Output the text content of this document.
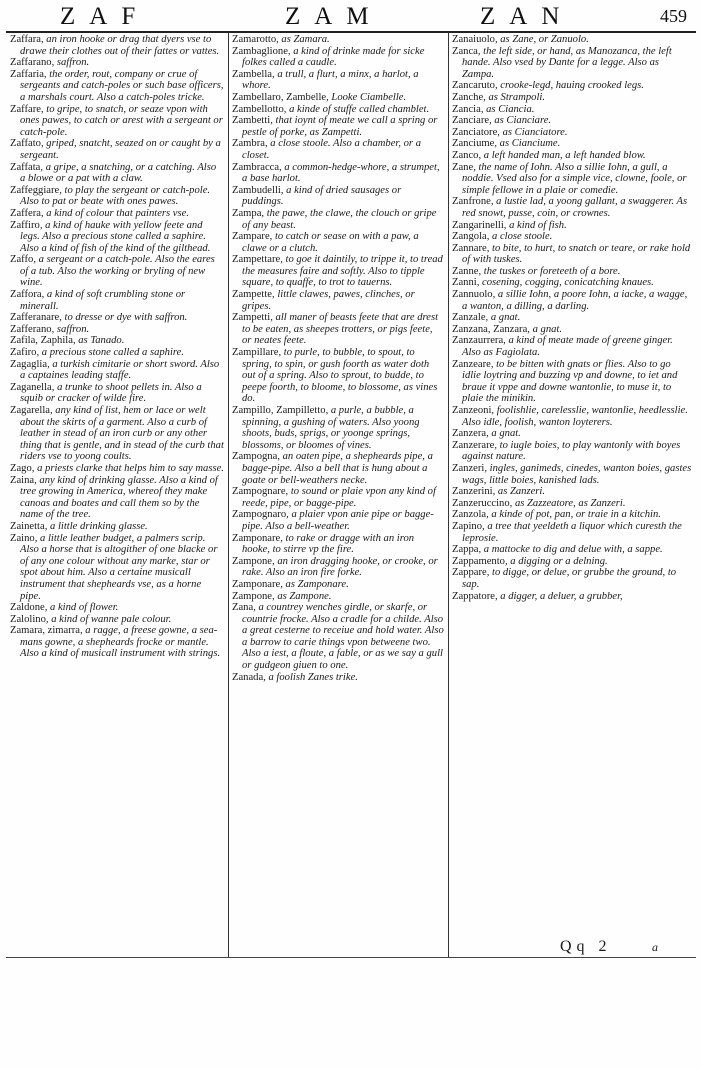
ZAF	ZAM	ZAN	459

Zaffara, an iron hooke or drag that dyers vse to drawe their clothes out of their fattes or vattes.

Zaffarano, saffron.

Zaffarìa, the order, rout, company or crue of sergeants and catch-poles or such base officers, a marshals court. Also a catch-poles tricke.

Zaffare, to gripe, to snatch, or seaze vpon with ones pawes, to catch or arest with a sergeant or catch-pole.

Zaffato, griped, snatcht, seazed on or caught by a sergeant.

Zaffata, a gripe, a snatching, or a catching. Also a blowe or a pat with a claw.

Zaffeggiare, to play the sergeant or catch-pole. Also to pat or beate with ones pawes.

Zaffera, a kind of colour that painters vse.

Zaffiro, a kind of hauke with yellow feete and legs. Also a precious stone called a saphire. Also a kind of fish of the kind of the gilthead.

Zaffo, a sergeant or a catch-pole. Also the eares of a tub. Also the working or bryling of new wine.

Zaffora, a kind of soft crumbling stone or minerall.

Zafferanare, to dresse or dye with saffron.

Zafferano, saffron.

Zafila, Zaphila, as Tanado.

Zafiro, a precious stone called a saphire.

Zagaglia, a turkish cimitarie or short sword. Also a captaines leading staffe.

Zaganella, a trunke to shoot pellets in. Also a squib or cracker of wilde fire.

Zagarella, any kind of list, hem or lace or welt about the skirts of a garment. Also a curb of leather in stead of an iron curb or any other thing that is gentle, and in stead of the curb that riders vse to yoong coults.

Zago, a priests clarke that helps him to say masse.

Zaina, any kind of drinking glasse. Also a kind of tree growing in America, whereof they make canoas and boates and call them so by the name of the tree.

Zainetta, a little drinking glasse.

Zaino, a little leather budget, a palmers scrip. Also a horse that is altogither of one blacke or of any one colour without any marke, star or spot about him. Also a certaine musicall instrument that shepheards vse, as a horne pipe.

Zaldone, a kind of flower.

Zalolino, a kind of wanne pale colour.

Zamara, zimarra, a ragge, a freese gowne, a sea-mans gowne, a shepheards frocke or mantle. Also a kind of musicall instrument with strings.

Zamarotto, as Zamara.

Zambaglione, a kind of drinke made for sicke folkes called a caudle.

Zambella, a trull, a flurt, a minx, a harlot, a whore.

Zambellaro, Zambelle, Looke Ciambelle.

Zambellotto, a kinde of stuffe called chamblet.

Zambetti, that ioynt of meate we call a spring or pestle of porke, as Zampetti.

Zambra, a close stoole. Also a chamber, or a closet.

Zambracca, a common-hedge-whore, a strumpet, a base harlot.

Zambudelli, a kind of dried sausages or puddings.

Zampa, the pawe, the clawe, the clouch or gripe of any beast.

Zampare, to catch or sease on with a paw, a clawe or a clutch.

Zampettare, to goe it daintily, to trippe it, to tread the measures faire and softly. Also to tipple square, to quaffe, to trot to tauerns.

Zampette, little clawes, pawes, clinches, or gripes.

Zampetti, all maner of beasts feete that are drest to be eaten, as sheepes trotters, or pigs feete, or neates feete.

Zampillare, to purle, to bubble, to spout, to spring, to spin, or gush foorth as water doth out of a spring. Also to sprout, to budde, to peepe foorth, to bloome, to blossome, as vines do.

Zampillo, Zampilletto, a purle, a bubble, a spinning, a gushing of waters. Also yoong shoots, buds, sprigs, or yoonge springs, blossoms, or bloomes of vines.

Zampogna, an oaten pipe, a shepheards pipe, a bagge-pipe. Also a bell that is hung about a goate or bell-weathers necke.

Zampognare, to sound or plaie vpon any kind of reede, pipe, or bagge-pipe.

Zampognaro, a plaier vpon anie pipe or bagge-pipe. Also a bell-weather.

Zamponare, to rake or dragge with an iron hooke, to stirre vp the fire.

Zampone, an iron dragging hooke, or crooke, or rake. Also an iron fire forke.

Zamponare, as Zamponare.

Zampone, as Zampone.

Zana, a countrey wenches girdle, or skarfe, or countrie frocke. Also a cradle for a childe. Also a great cesterne to receiue and hold water. Also a barrow to carie things vpon betweene two. Also a iest, a floute, a fable, or as we say a gull or gudgeon giuen to one.

Zanada, a foolish Zanes trike.

Zanaiuolo, as Zane, or Zanuolo.

Zanca, the left side, or hand, as Manozanca, the left hande. Also vsed by Dante for a legge. Also as Zampa.

Zancaruto, crooke-legd, hauing crooked legs.

Zanche, as Strampoli.

Zancia, as Ciancia.

Zanciare, as Cianciare.

Zanciatore, as Cianciatore.

Zanciume, as Cianciume.

Zanco, a left handed man, a left handed blow.

Zane, the name of Iohn. Also a sillie Iohn, a gull, a noddie. Vsed also for a simple vice, clowne, foole, or simple fellowe in a plaie or comedie.

Zanfrone, a lustie lad, a yoong gallant, a swaggerer. As red snowt, pusse, coin, or crownes.

Zangarinelli, a kind of fish.

Zangola, a close stoole.

Zannare, to bite, to hurt, to snatch or teare, or rake hold of with tuskes.

Zanne, the tuskes or foreteeth of a bore.

Zanni, cosening, cogging, conicatching knaues.

Zannuolo, a sillie Iohn, a poore Iohn, a iacke, a wagge, a wanton, a dilling, a darling.

Zanzale, a gnat.

Zanzana, Zanzara, a gnat.

Zanzaurrera, a kind of meate made of greene ginger. Also as Fagiolata.

Zanzeare, to be bitten with gnats or flies. Also to go idlie loytring and buzzing vp and downe, to iet and braue it vppe and downe wantonlie, to muse it, to plaie the minikin.

Zanzeoni, foolishlie, carelesslie, wantonlie, heedlesslie. Also idle, foolish, wanton loyterers.

Zanzera, a gnat.

Zanzerare, to iugle boies, to play wantonly with boyes against nature.

Zanzeri, ingles, ganimeds, cinedes, wanton boies, gastes wags, little boies, kanished lads.

Zanzerini, as Zanzeri.

Zanzeruccino, as Zazzeatore, as Zanzeri.

Zanzola, a kinde of pot, pan, or traie in a kitchin.

Zapino, a tree that yeeldeth a liquor which curesth the leprosie.

Zappa, a mattocke to dig and delue with, a sappe.

Zappamento, a digging or a delning.

Zappare, to digge, or delue, or grubbe the ground, to sap.

Zappatore, a digger, a deluer, a grubber,

Qq 2	a
